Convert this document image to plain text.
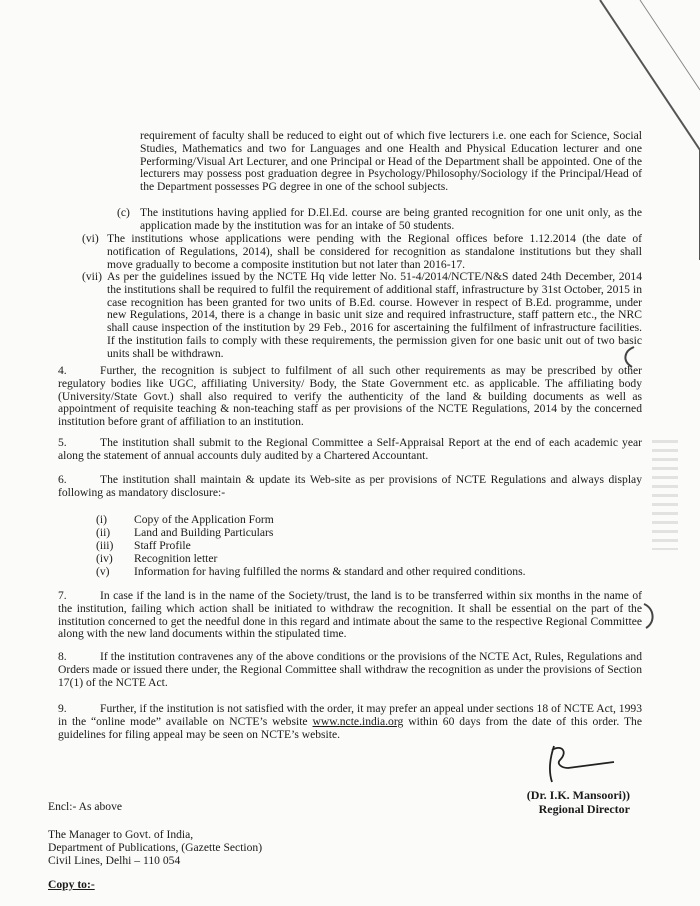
requirement of faculty shall be reduced to eight out of which five lecturers i.e. one each for Science, Social Studies, Mathematics and two for Languages and one Health and Physical Education lecturer and one Performing/Visual Art Lecturer, and one Principal or Head of the Department shall be appointed. One of the lecturers may possess post graduation degree in Psychology/Philosophy/Sociology if the Principal/Head of the Department possesses PG degree in one of the school subjects.
(c) The institutions having applied for D.El.Ed. course are being granted recognition for one unit only, as the application made by the institution was for an intake of 50 students.
(vi) The institutions whose applications were pending with the Regional offices before 1.12.2014 (the date of notification of Regulations, 2014), shall be considered for recognition as standalone institutions but they shall move gradually to become a composite institution but not later than 2016-17.
(vii) As per the guidelines issued by the NCTE Hq vide letter No. 51-4/2014/NCTE/N&S dated 24th December, 2014 the institutions shall be required to fulfil the requirement of additional staff, infrastructure by 31st October, 2015 in case recognition has been granted for two units of B.Ed. course. However in respect of B.Ed. programme, under new Regulations, 2014, there is a change in basic unit size and required infrastructure, staff pattern etc., the NRC shall cause inspection of the institution by 29 Feb., 2016 for ascertaining the fulfilment of infrastructure facilities. If the institution fails to comply with these requirements, the permission given for one basic unit out of two basic units shall be withdrawn.
4.	Further, the recognition is subject to fulfilment of all such other requirements as may be prescribed by other regulatory bodies like UGC, affiliating University/ Body, the State Government etc. as applicable. The affiliating body (University/State Govt.) shall also required to verify the authenticity of the land & building documents as well as appointment of requisite teaching & non-teaching staff as per provisions of the NCTE Regulations, 2014 by the concerned institution before grant of affiliation to an institution.
5.	The institution shall submit to the Regional Committee a Self-Appraisal Report at the end of each academic year along the statement of annual accounts duly audited by a Chartered Accountant.
6.	The institution shall maintain & update its Web-site as per provisions of NCTE Regulations and always display following as mandatory disclosure:-
(i)	Copy of the Application Form
(ii)	Land and Building Particulars
(iii)	Staff Profile
(iv)	Recognition letter
(v)	Information for having fulfilled the norms & standard and other required conditions.
7.	In case if the land is in the name of the Society/trust, the land is to be transferred within six months in the name of the institution, failing which action shall be initiated to withdraw the recognition. It shall be essential on the part of the institution concerned to get the needful done in this regard and intimate about the same to the respective Regional Committee along with the new land documents within the stipulated time.
8.	If the institution contravenes any of the above conditions or the provisions of the NCTE Act, Rules, Regulations and Orders made or issued there under, the Regional Committee shall withdraw the recognition as under the provisions of Section 17(1) of the NCTE Act.
9.	Further, if the institution is not satisfied with the order, it may prefer an appeal under sections 18 of NCTE Act, 1993 in the “online mode” available on NCTE’s website www.ncte.india.org within 60 days from the date of this order. The guidelines for filing appeal may be seen on NCTE’s website.
(Dr. I.K. Mansoori))
Regional Director
Encl:- As above
The Manager to Govt. of India,
Department of Publications, (Gazette Section)
Civil Lines, Delhi – 110 054
Copy to:-
